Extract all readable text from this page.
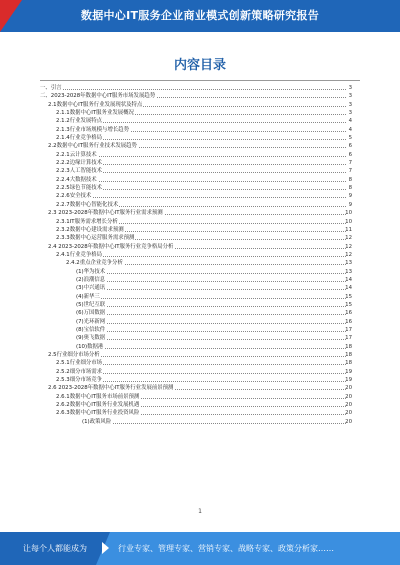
数据中心IT服务企业商业模式创新策略研究报告
内容目录
一、引言	3
二、2023-2028年数据中心IT服务市场发展趋势	3
2.1数据中心IT服务行业发展现状及特点	3
2.1.1数据中心IT服务业发展概况	3
2.1.2行业发展特点	4
2.1.3行业市场规模与增长趋势	4
2.1.4行业竞争格局	5
2.2数据中心IT服务行业技术发展趋势	6
2.2.1云计算技术	6
2.2.2边缘计算技术	7
2.2.3人工智能技术	7
2.2.4大数据技术	8
2.2.5绿色节能技术	8
2.2.6安全技术	9
2.2.7数据中心智能化技术	9
2.3 2023-2028年数据中心IT服务行业需求预测	10
2.3.1IT服务需求增长分析	10
2.3.2数据中心建设需求预测	11
2.3.3数据中心运营服务需求预测	12
2.4 2023-2028年数据中心IT服务行业竞争格局分析	12
2.4.1行业竞争格局	12
2.4.2重点企业竞争分析	13
(1)华为技术	13
(2)浪潮信息	14
(3)中兴通讯	14
(4)新华三	15
(5)世纪互联	15
(6)万国数据	16
(7)光环新网	16
(8)宝信软件	17
(9)奥飞数据	17
(10)数据港	18
2.5行业细分市场分析	18
2.5.1行业细分市场	18
2.5.2细分市场需求	19
2.5.3细分市场竞争	19
2.6 2023-2028年数据中心IT服务行业发展前景预测	20
2.6.1数据中心IT服务市场前景预测	20
2.6.2数据中心IT服务行业发展机遇	20
2.6.3数据中心IT服务行业投资风险	20
(1)政策风险	20
1
让每个人都能成为	行业专家、管理专家、营销专家、战略专家、政策分析家……
